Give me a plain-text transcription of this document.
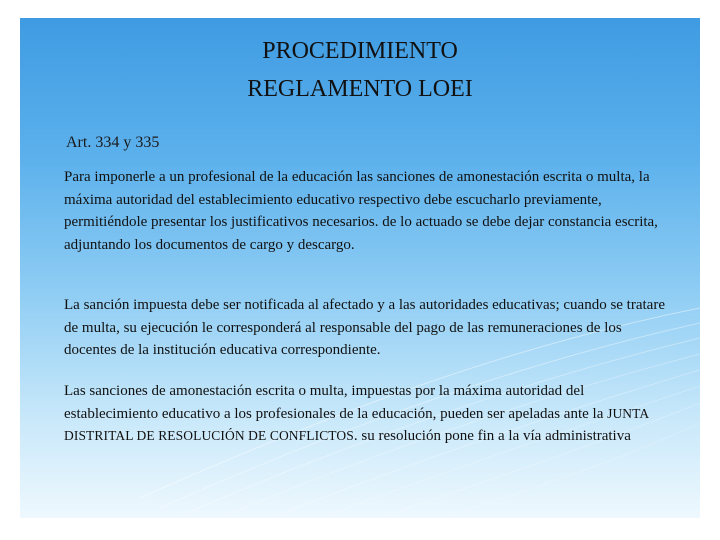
PROCEDIMIENTO
REGLAMENTO LOEI
Art. 334 y 335
Para imponerle a un profesional de la educación las sanciones de amonestación escrita o multa, la máxima autoridad del establecimiento educativo respectivo debe escucharlo previamente, permitiéndole presentar los justificativos necesarios. de lo actuado se debe dejar constancia escrita, adjuntando los documentos de cargo y descargo.
La sanción impuesta debe ser notificada al afectado y a las autoridades educativas; cuando se tratare de multa, su ejecución le corresponderá al responsable del pago de las remuneraciones de los docentes de la institución educativa correspondiente.
Las sanciones de amonestación escrita o multa, impuestas por la máxima autoridad del establecimiento educativo a los profesionales de la educación, pueden ser apeladas ante la JUNTA DISTRITAL DE RESOLUCIÓN DE CONFLICTOS. su resolución pone fin a la vía administrativa
